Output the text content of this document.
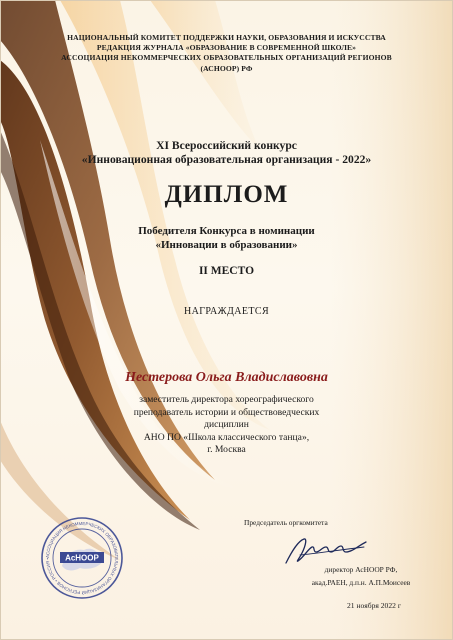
НАЦИОНАЛЬНЫЙ КОМИТЕТ ПОДДЕРЖКИ НАУКИ, ОБРАЗОВАНИЯ И ИСКУССТВА
РЕДАКЦИЯ ЖУРНАЛА «ОБРАЗОВАНИЕ В СОВРЕМЕННОЙ ШКОЛЕ»
АССОЦИАЦИЯ НЕКОММЕРЧЕСКИХ ОБРАЗОВАТЕЛЬНЫХ ОРГАНИЗАЦИЙ РЕГИОНОВ
(АСНООР) РФ
XI Всероссийский конкурс
«Инновационная образовательная организация - 2022»
ДИПЛОМ
Победителя Конкурса в номинации
«Инновации в образовании»
II МЕСТО
НАГРАЖДАЕТСЯ
Нестерова Ольга Владиславовна
заместитель директора хореографического
преподаватель истории и обществоведческих
дисциплин
АНО ПО «Школа классического танца»,
г. Москва
АССОЦИАЦИЯ НЕКОММЕРЧЕСКИХ ОБРАЗОВАТЕЛЬНЫХ ОРГАНИЗАЦИЙ РЕГИОНОВ • РОССИЯ •	АсНООР
Председатель оргкомитета
директор АсНООР РФ,
акад.РАЕН, д.п.н. А.П.Моисеев
21 ноября 2022 г
